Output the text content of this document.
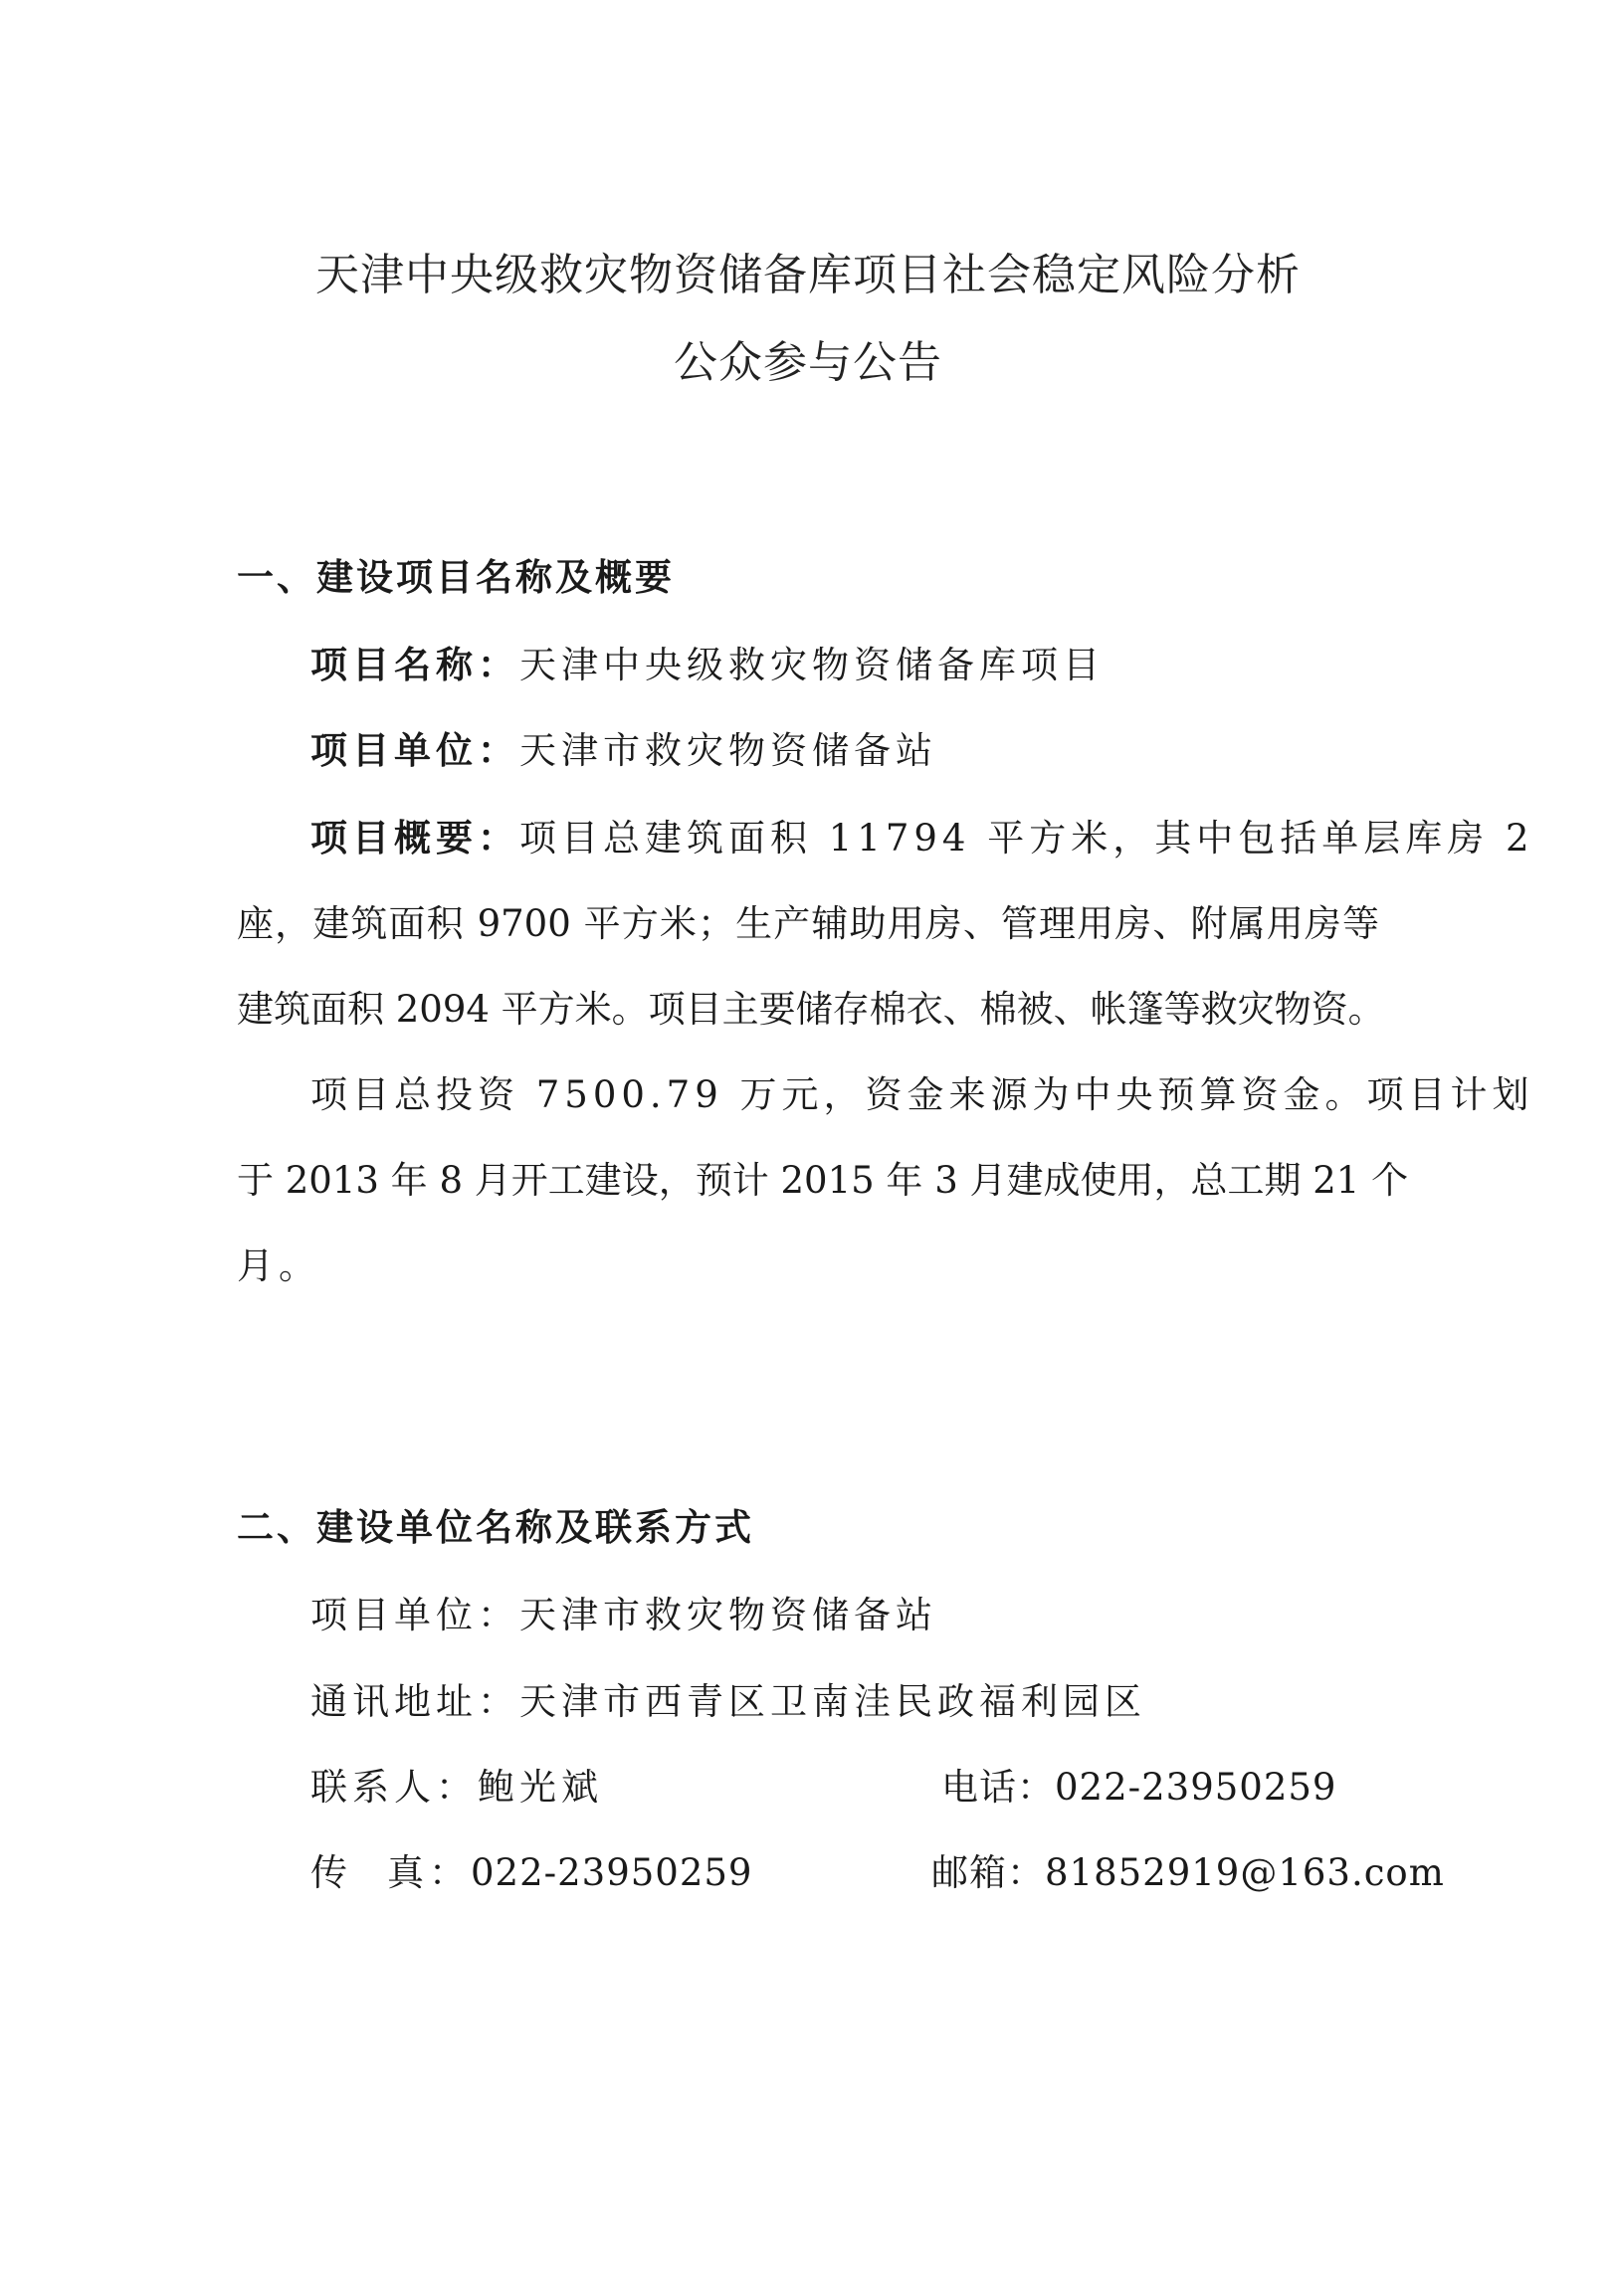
天津中央级救灾物资储备库项目社会稳定风险分析
公众参与公告
一、建设项目名称及概要
项目名称：天津中央级救灾物资储备库项目
项目单位：天津市救灾物资储备站
项目概要：项目总建筑面积 11794 平方米，其中包括单层库房 2
座，建筑面积 9700 平方米；生产辅助用房、管理用房、附属用房等
建筑面积 2094 平方米。项目主要储存棉衣、棉被、帐篷等救灾物资。
项目总投资 7500.79 万元，资金来源为中央预算资金。项目计划
于 2013 年 8 月开工建设，预计 2015 年 3 月建成使用，总工期 21 个
月。
二、建设单位名称及联系方式
项目单位：天津市救灾物资储备站
通讯地址：天津市西青区卫南洼民政福利园区
联系人：鲍光斌	电话：022-23950259
传真：022-23950259	邮箱：81852919@163.com
